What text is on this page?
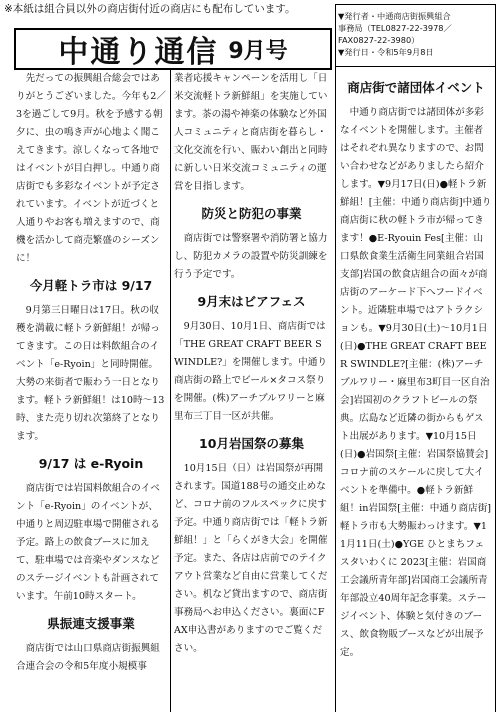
※本紙は組合員以外の商店街付近の商店にも配布しています。
中通り通信 9月号
▼発行者・中通商店街振興組合
事務局（TEL0827-22-3978／
FAX0827-22-3980）
▼発行日・令和5年9月8日

先だっての振興組合総会ではありがとうございました。今年も2／3を過ごして9月。秋を予感する朝夕に、虫の鳴き声が心地よく聞こえてきます。涼しくなって各地ではイベントが目白押し。中通り商店街でも多彩なイベントが予定されています。イベントが近づくと人通りやお客も増えますので、商機を活かして商売繁盛のシーズンに！

今月軽トラ市は 9/17

9月第三日曜日は17日。秋の収穫を満載に軽トラ新鮮組！が帰ってきます。この日は料飲組合のイベント「e-Ryoin」と同時開催。大勢の来街者で賑わう一日となります。軽トラ新鮮組！は10時～13時、また売り切れ次第終了となります。

9/17 は e-Ryoin

商店街では岩国料飲組合のイベント「e-Ryoin」のイベントが、中通りと周辺駐車場で開催される予定。路上の飲食ブースに加えて、駐車場では音楽やダンスなどのステージイベントも計画されています。午前10時スタート。

県振連支援事業

商店街では山口県商店街振興組合連合会の令和5年度小規模事

業者応援キャンペーンを活用し「日米交流軽トラ新鮮組」を実施しています。茶の湯や神楽の体験など外国人コミュニティと商店街を暮らし・文化交流を行い、賑わい創出と同時に新しい日米交流コミュニティの運営を目指します。

防災と防犯の事業

商店街では警察署や消防署と協力し、防犯カメラの設置や防災訓練を行う予定です。

9月末はビアフェス

9月30日、10月1日、商店街では「THE GREAT CRAFT BEER SWINDLE?」を開催します。中通り商店街の路上でビール×タコス祭りを開催。(株)アーチブルワリーと麻里布三丁目一区が共催。

10月岩国祭の募集

10月15日（日）は岩国祭が再開されます。国道188号の通交止めなど、コロナ前のフルスペックに戻す予定。中通り商店街では「軽トラ新鮮組！」と「らくがき大会」を開催予定。また、各店は店前でのテイクアウト営業など自由に営業してください。机など貸出ますので、商店街事務局へお申込ください。裏面にFAX申込書がありますのでご覧ください。

商店街で諸団体イベント

中通り商店街では諸団体が多彩なイベントを開催します。主催者はそれぞれ異なりますので、お問い合わせなどがありましたら紹介します。▼9月17日(日)●軽トラ新鮮組！[主催：中通り商店街]中通り商店街に秋の軽トラ市が帰ってきます！●E-Ryouin Fes[主催：山口県飲食業生活衛生同業組合岩国支部]岩国の飲食店組合の面々が商店街のアーケード下へフードイベント。近隣駐車場ではアトラクションも。▼9月30日(土)～10月1日(日)●THE GREAT CRAFT BEER SWINDLE?[主催：(株)アーチブルワリー・麻里布3町目一区自治会]岩国初のクラフトビールの祭典。広島など近隣の街からもゲスト出展があります。▼10月15日(日)●岩国祭[主催：岩国祭協賛会]コロナ前のスケールに戻して大イベントを準備中。●軽トラ新鮮組！in岩国祭[主催：中通り商店街]軽トラ市も大勢賑わっけます。▼11月11日(土)●YGE ひとまちフェスタいわくに 2023[主催：岩国商工会議所青年部]岩国商工会議所青年部設立40周年記念事業。ステージイベント、体験と気付きのブース、飲食物販ブースなどが出展予定。
